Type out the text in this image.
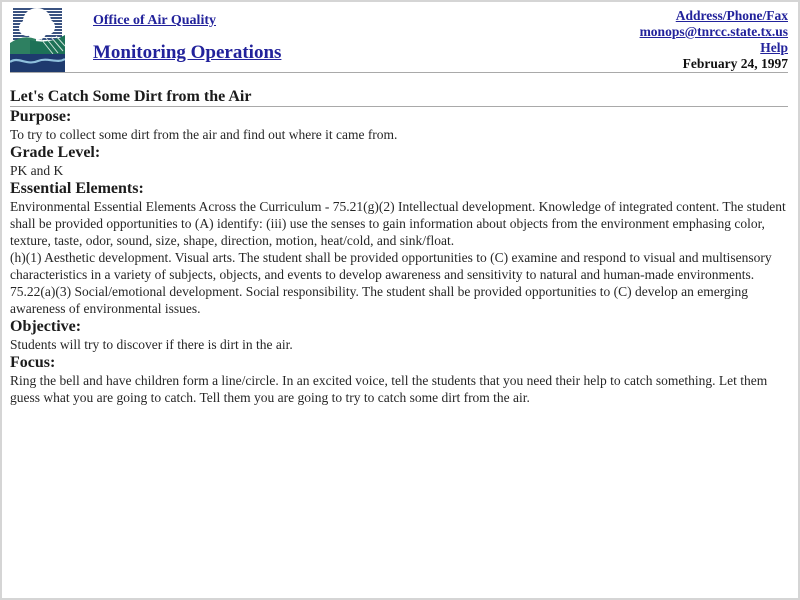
Office of Air Quality
Monitoring Operations
Address/Phone/Fax
monops@tnrcc.state.tx.us
Help
February 24, 1997
Let's Catch Some Dirt from the Air
Purpose:

To try to collect some dirt from the air and find out where it came from.

Grade Level:

PK and K

Essential Elements:

Environmental Essential Elements Across the Curriculum - 75.21(g)(2) Intellectual development. Knowledge of integrated content. The student shall be provided opportunities to (A) identify: (iii) use the senses to gain information about objects from the environment emphasing color, texture, taste, odor, sound, size, shape, direction, motion, heat/cold, and sink/float.

(h)(1) Aesthetic development. Visual arts. The student shall be provided opportunities to (C) examine and respond to visual and multisensory characteristics in a variety of subjects, objects, and events to develop awareness and sensitivity to natural and human-made environments.

75.22(a)(3) Social/emotional development. Social responsibility. The student shall be provided opportunities to (C) develop an emerging awareness of environmental issues.

Objective:

Students will try to discover if there is dirt in the air.

Focus:

Ring the bell and have children form a line/circle. In an excited voice, tell the students that you need their help to catch something. Let them guess what you are going to catch. Tell them you are going to try to catch some dirt from the air.
